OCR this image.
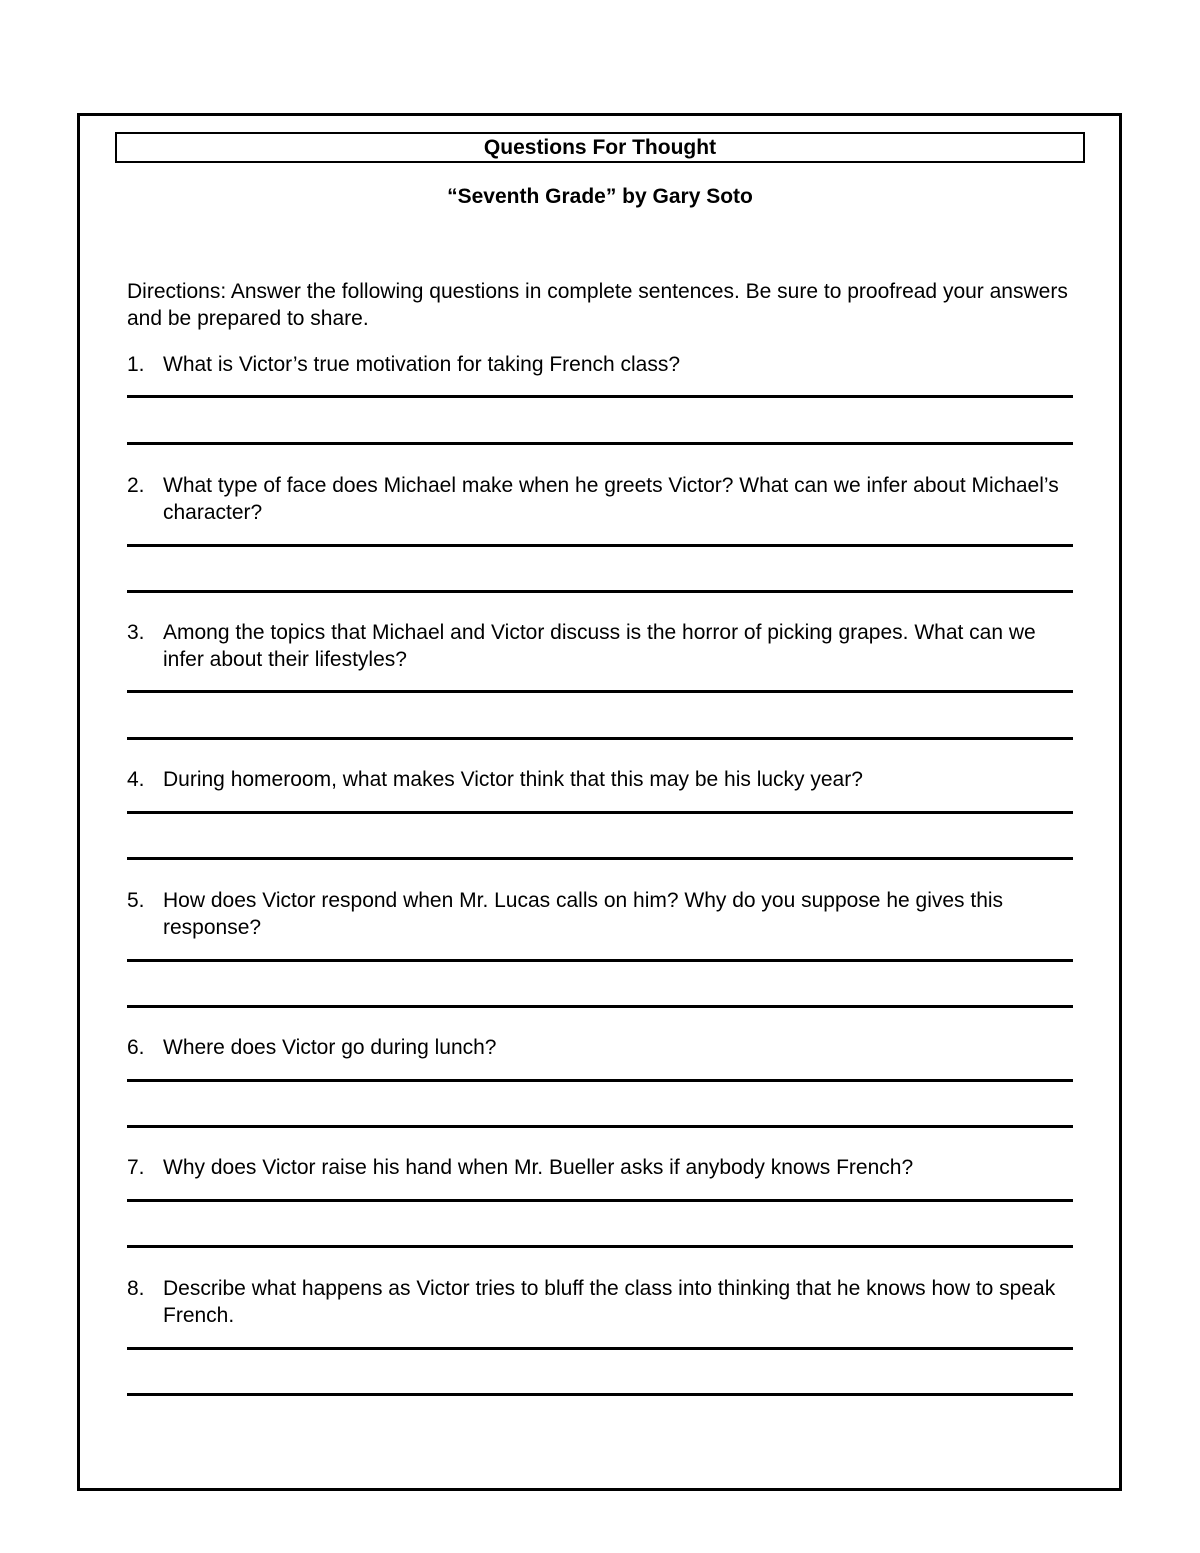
Questions For Thought
“Seventh Grade” by Gary Soto
Directions: Answer the following questions in complete sentences. Be sure to proofread your answers and be prepared to share.
1. What is Victor’s true motivation for taking French class?
2. What type of face does Michael make when he greets Victor? What can we infer about Michael’s character?
3. Among the topics that Michael and Victor discuss is the horror of picking grapes. What can we infer about their lifestyles?
4. During homeroom, what makes Victor think that this may be his lucky year?
5. How does Victor respond when Mr. Lucas calls on him? Why do you suppose he gives this response?
6. Where does Victor go during lunch?
7. Why does Victor raise his hand when Mr. Bueller asks if anybody knows French?
8. Describe what happens as Victor tries to bluff the class into thinking that he knows how to speak French.
